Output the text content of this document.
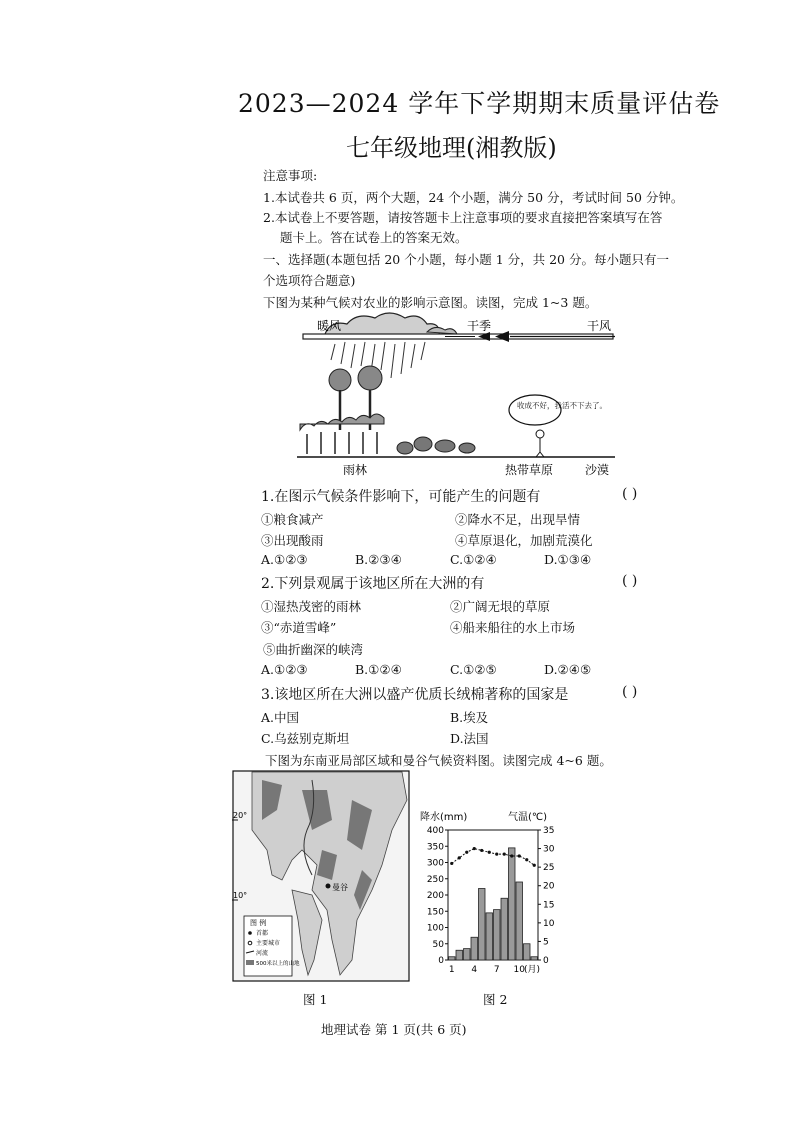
2023—2024 学年下学期期末质量评估卷
七年级地理(湘教版)
注意事项:
1.本试卷共 6 页，两个大题，24 个小题，满分 50 分，考试时间 50 分钟。
2.本试卷上不要答题，请按答题卡上注意事项的要求直接把答案填写在答
题卡上。答在试卷上的答案无效。
一、选择题(本题包括 20 个小题，每小题 1 分，共 20 分。每小题只有一
个选项符合题意)
下图为某种气候对农业的影响示意图。读图，完成 1~3 题。
收成不好，我活不下去了。
暖风	干季	干风
雨林	热带草原	沙漠
1.在图示气候条件影响下，可能产生的问题有	( )
①粮食减产	②降水不足，出现旱情
③出现酸雨	④草原退化，加剧荒漠化
A.①②③	B.②③④	C.①②④	D.①③④
2.下列景观属于该地区所在大洲的有	( )
①湿热茂密的雨林	②广阔无垠的草原
③“赤道雪峰”	④船来船往的水上市场
⑤曲折幽深的峡湾
A.①②③	B.①②④	C.①②⑤	D.②④⑤
3.该地区所在大洲以盛产优质长绒棉著称的国家是	( )
A.中国	B.埃及
C.乌兹别克斯坦	D.法国
下图为东南亚局部区域和曼谷气候资料图。读图完成 4~6 题。
20°
10°
曼谷
图 例
首都
主要城市
河流
500米以上的山地
图 1
降水(mm)	气温(℃)
0
50
100
150
200
250
300
350
400
0
5
10
15
20
25
30
35
1 4 7 10 (月)
图 2
地理试卷 第 1 页(共 6 页)
